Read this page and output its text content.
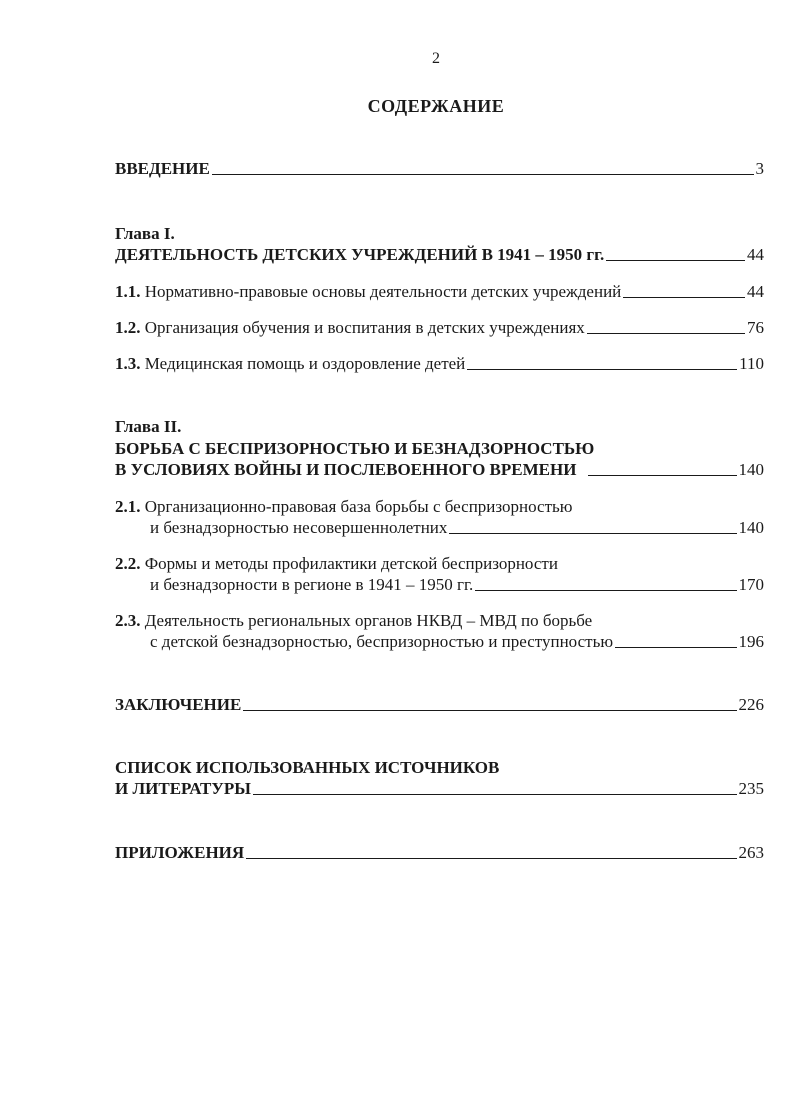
2
СОДЕРЖАНИЕ
ВВЕДЕНИЕ	3
Глава I.
ДЕЯТЕЛЬНОСТЬ ДЕТСКИХ УЧРЕЖДЕНИЙ В 1941 – 1950 гг.	44
1.1. Нормативно-правовые основы деятельности детских учреждений	44
1.2. Организация обучения и воспитания в детских учреждениях	76
1.3. Медицинская помощь и оздоровление детей	110
Глава II.
БОРЬБА С БЕСПРИЗОРНОСТЬЮ И БЕЗНАДЗОРНОСТЬЮ
В УСЛОВИЯХ ВОЙНЫ И ПОСЛЕВОЕННОГО ВРЕМЕНИ	140
2.1. Организационно-правовая база борьбы с беспризорностью
и безнадзорностью несовершеннолетних	140
2.2. Формы и методы профилактики детской беспризорности
и безнадзорности в регионе в 1941 – 1950 гг.	170
2.3. Деятельность региональных органов НКВД – МВД по борьбе
с детской безнадзорностью, беспризорностью и преступностью	196
ЗАКЛЮЧЕНИЕ	226
СПИСОК ИСПОЛЬЗОВАННЫХ ИСТОЧНИКОВ
И ЛИТЕРАТУРЫ	235
ПРИЛОЖЕНИЯ	263
